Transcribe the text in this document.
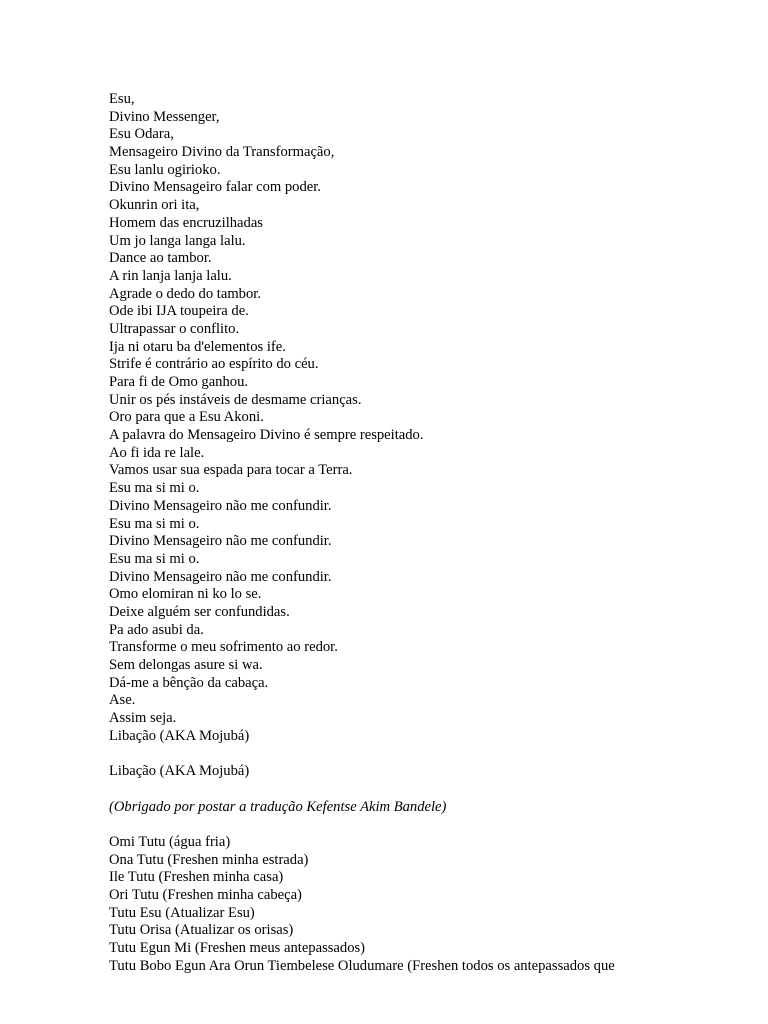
Esu,
Divino Messenger,
Esu Odara,
Mensageiro Divino da Transformação,
Esu lanlu ogirioko.
Divino Mensageiro falar com poder.
Okunrin ori ita,
Homem das encruzilhadas
Um jo langa langa lalu.
Dance ao tambor.
A rin lanja lanja lalu.
Agrade o dedo do tambor.
Ode ibi IJA toupeira de.
Ultrapassar o conflito.
Ija ni otaru ba d'elementos ife.
Strife é contrário ao espírito do céu.
Para fi de Omo ganhou.
Unir os pés instáveis de desmame crianças.
Oro para que a Esu Akoni.
A palavra do Mensageiro Divino é sempre respeitado.
Ao fi ida re lale.
Vamos usar sua espada para tocar a Terra.
Esu ma si mi o.
Divino Mensageiro não me confundir.
Esu ma si mi o.
Divino Mensageiro não me confundir.
Esu ma si mi o.
Divino Mensageiro não me confundir.
Omo elomiran ni ko lo se.
Deixe alguém ser confundidas.
Pa ado asubi da.
Transforme o meu sofrimento ao redor.
Sem delongas asure si wa.
Dá-me a bênção da cabaça.
Ase.
Assim seja.
Libação (AKA Mojubá)
Libação (AKA Mojubá)
(Obrigado por postar a tradução Kefentse Akim Bandele)
Omi Tutu (água fria)
Ona Tutu (Freshen minha estrada)
Ile Tutu (Freshen minha casa)
Ori Tutu (Freshen minha cabeça)
Tutu Esu (Atualizar Esu)
Tutu Orisa (Atualizar os orisas)
Tutu Egun Mi (Freshen meus antepassados)
Tutu Bobo Egun Ara Orun Tiembelese Oludumare (Freshen todos os antepassados que
